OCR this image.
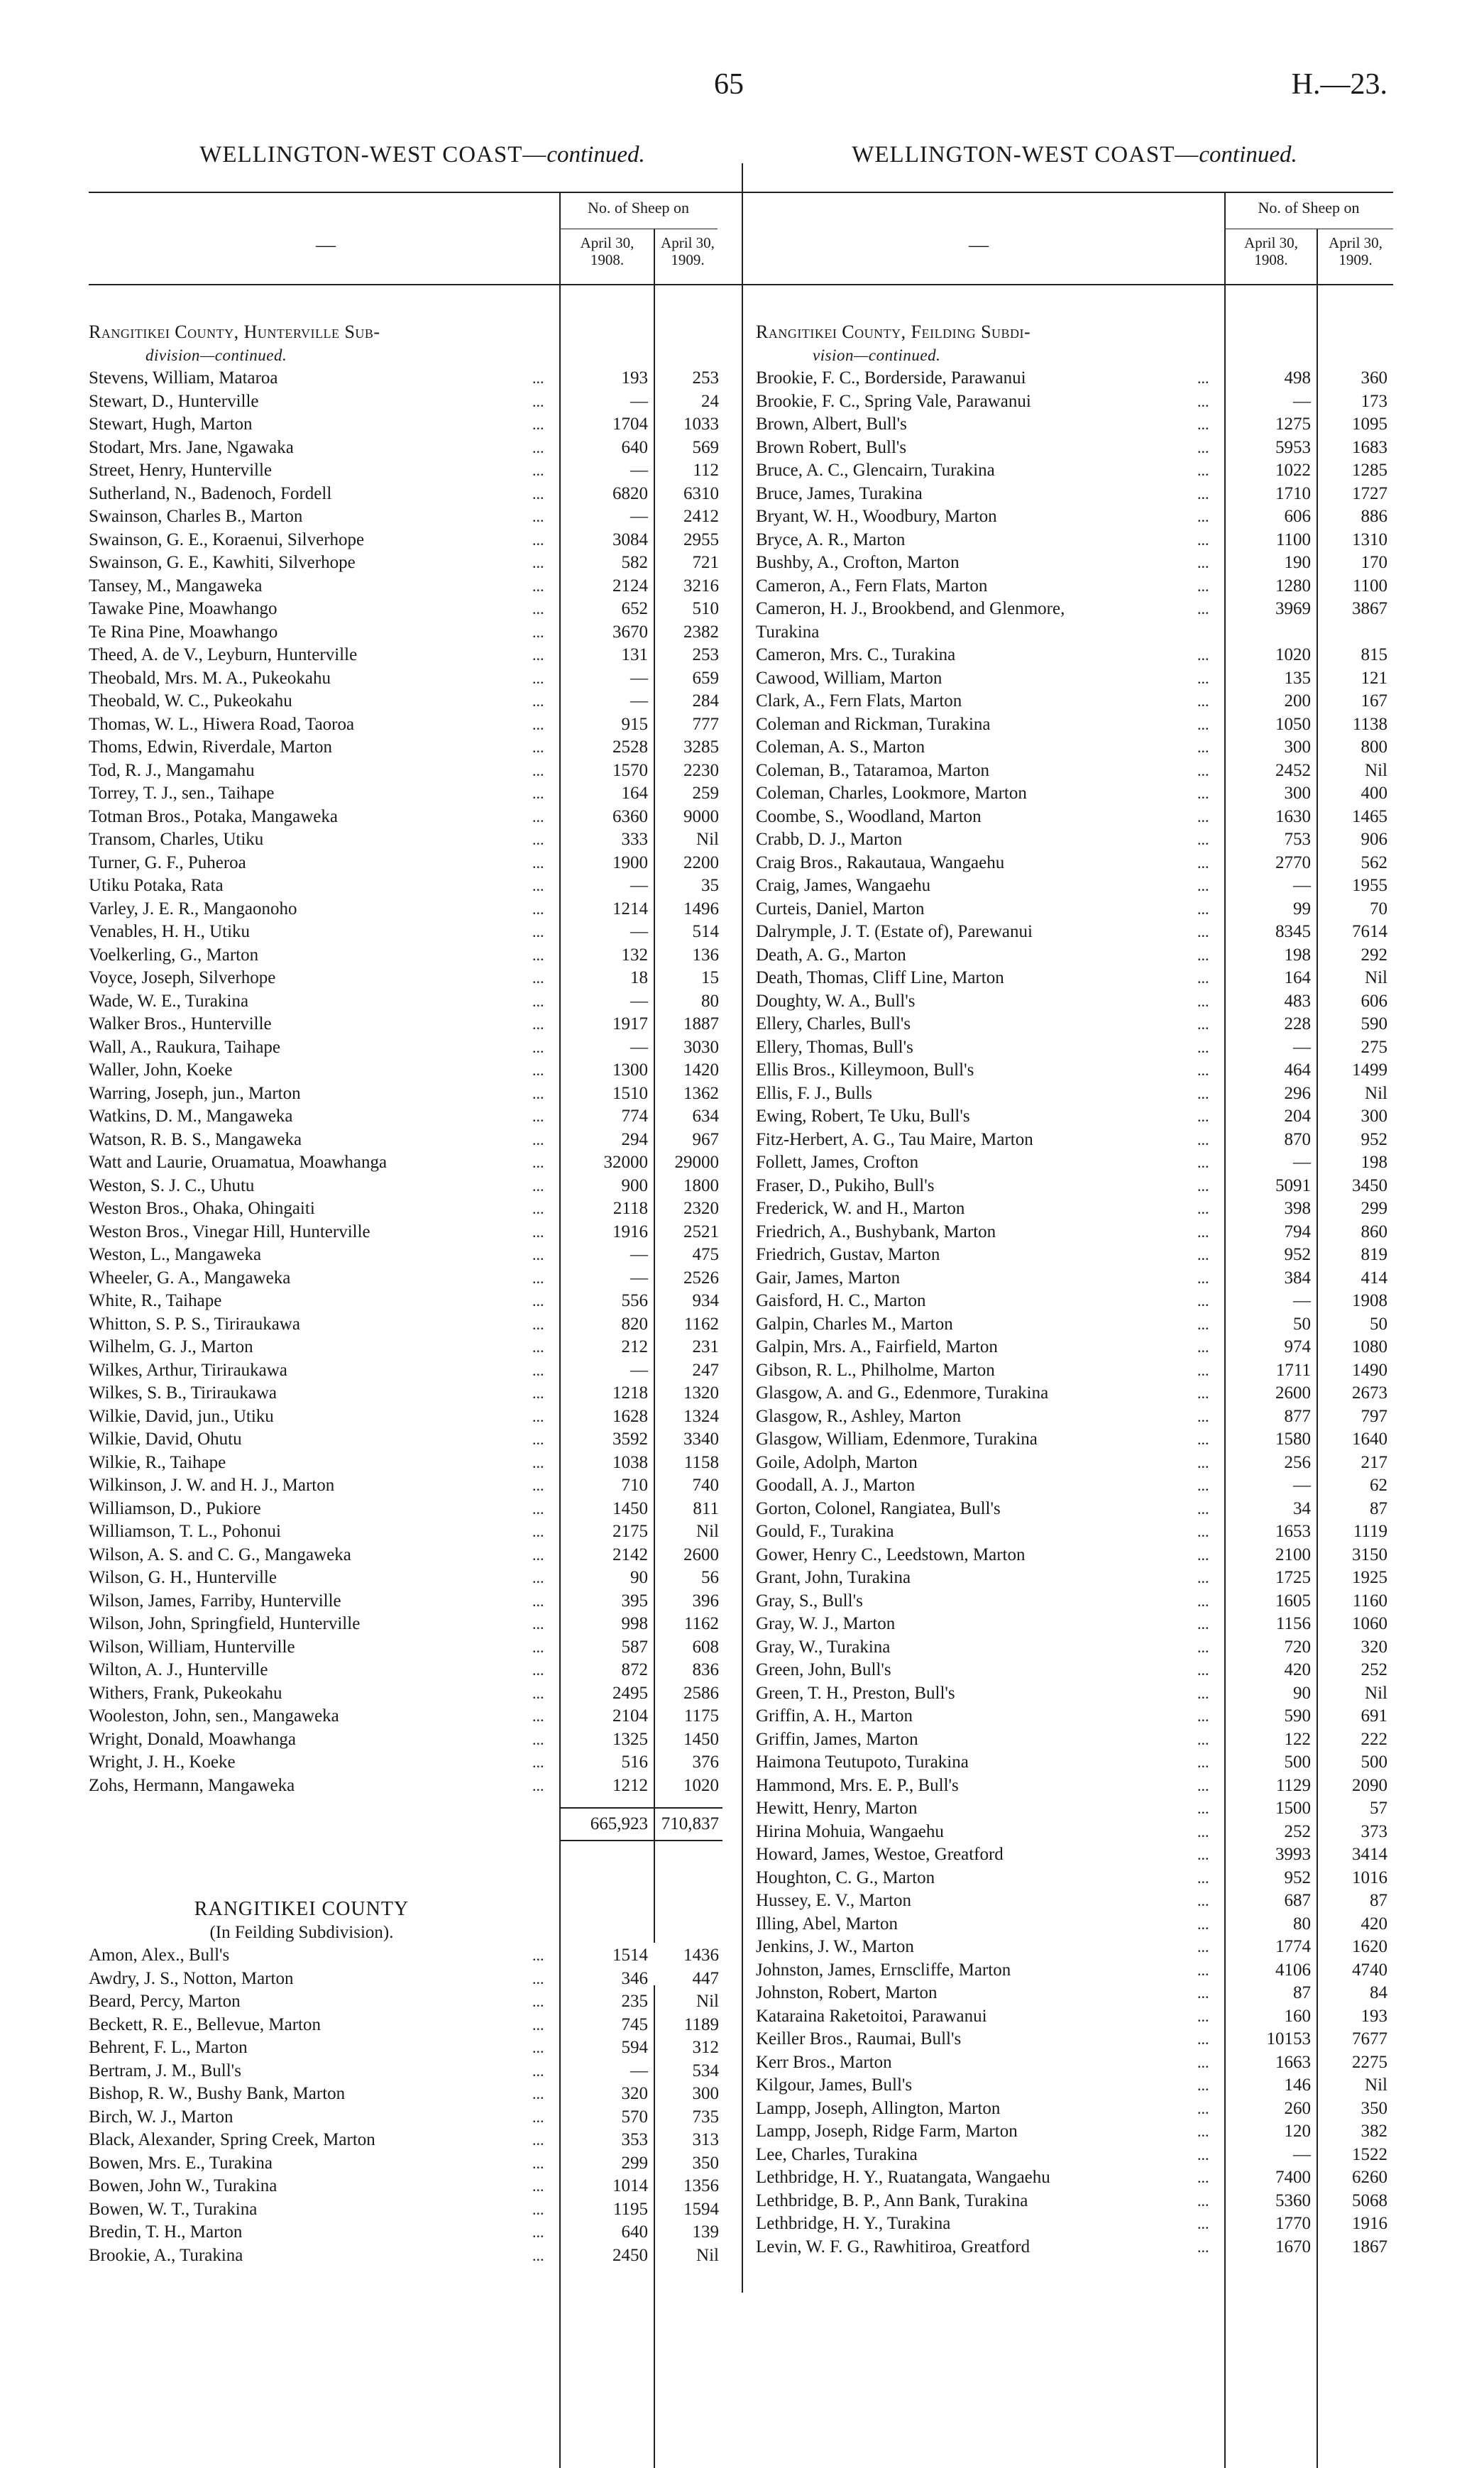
65	H.—23.
WELLINGTON-WEST COAST—continued.
—
No. of Sheep on
April 30,
1908.
April 30,
1909.
Rangitikei County, Hunterville Sub-
division—continued.
Stevens, William, Mataroa	...	193	253
Stewart, D., Hunterville	...	—	24
Stewart, Hugh, Marton	...	1704	1033
Stodart, Mrs. Jane, Ngawaka	...	640	569
Street, Henry, Hunterville	...	—	112
Sutherland, N., Badenoch, Fordell	...	6820	6310
Swainson, Charles B., Marton	...	—	2412
Swainson, G. E., Koraenui, Silverhope	...	3084	2955
Swainson, G. E., Kawhiti, Silverhope	...	582	721
Tansey, M., Mangaweka	...	2124	3216
Tawake Pine, Moawhango	...	652	510
Te Rina Pine, Moawhango	...	3670	2382
Theed, A. de V., Leyburn, Hunterville	...	131	253
Theobald, Mrs. M. A., Pukeokahu	...	—	659
Theobald, W. C., Pukeokahu	...	—	284
Thomas, W. L., Hiwera Road, Taoroa	...	915	777
Thoms, Edwin, Riverdale, Marton	...	2528	3285
Tod, R. J., Mangamahu	...	1570	2230
Torrey, T. J., sen., Taihape	...	164	259
Totman Bros., Potaka, Mangaweka	...	6360	9000
Transom, Charles, Utiku	...	333	Nil
Turner, G. F., Puheroa	...	1900	2200
Utiku Potaka, Rata	...	—	35
Varley, J. E. R., Mangaonoho	...	1214	1496
Venables, H. H., Utiku	...	—	514
Voelkerling, G., Marton	...	132	136
Voyce, Joseph, Silverhope	...	18	15
Wade, W. E., Turakina	...	—	80
Walker Bros., Hunterville	...	1917	1887
Wall, A., Raukura, Taihape	...	—	3030
Waller, John, Koeke	...	1300	1420
Warring, Joseph, jun., Marton	...	1510	1362
Watkins, D. M., Mangaweka	...	774	634
Watson, R. B. S., Mangaweka	...	294	967
Watt and Laurie, Oruamatua, Moawhanga	...	32000	29000
Weston, S. J. C., Uhutu	...	900	1800
Weston Bros., Ohaka, Ohingaiti	...	2118	2320
Weston Bros., Vinegar Hill, Hunterville	...	1916	2521
Weston, L., Mangaweka	...	—	475
Wheeler, G. A., Mangaweka	...	—	2526
White, R., Taihape	...	556	934
Whitton, S. P. S., Tiriraukawa	...	820	1162
Wilhelm, G. J., Marton	...	212	231
Wilkes, Arthur, Tiriraukawa	...	—	247
Wilkes, S. B., Tiriraukawa	...	1218	1320
Wilkie, David, jun., Utiku	...	1628	1324
Wilkie, David, Ohutu	...	3592	3340
Wilkie, R., Taihape	...	1038	1158
Wilkinson, J. W. and H. J., Marton	...	710	740
Williamson, D., Pukiore	...	1450	811
Williamson, T. L., Pohonui	...	2175	Nil
Wilson, A. S. and C. G., Mangaweka	...	2142	2600
Wilson, G. H., Hunterville	...	90	56
Wilson, James, Farriby, Hunterville	...	395	396
Wilson, John, Springfield, Hunterville	...	998	1162
Wilson, William, Hunterville	...	587	608
Wilton, A. J., Hunterville	...	872	836
Withers, Frank, Pukeokahu	...	2495	2586
Wooleston, John, sen., Mangaweka	...	2104	1175
Wright, Donald, Moawhanga	...	1325	1450
Wright, J. H., Koeke	...	516	376
Zohs, Hermann, Mangaweka	...	1212	1020
665,923 710,837
RANGITIKEI COUNTY
(In Feilding Subdivision).
Amon, Alex., Bull's	...	1514	1436
Awdry, J. S., Notton, Marton	...	346	447
Beard, Percy, Marton	...	235	Nil
Beckett, R. E., Bellevue, Marton	...	745	1189
Behrent, F. L., Marton	...	594	312
Bertram, J. M., Bull's	...	—	534
Bishop, R. W., Bushy Bank, Marton	...	320	300
Birch, W. J., Marton	...	570	735
Black, Alexander, Spring Creek, Marton	...	353	313
Bowen, Mrs. E., Turakina	...	299	350
Bowen, John W., Turakina	...	1014	1356
Bowen, W. T., Turakina	...	1195	1594
Bredin, T. H., Marton	...	640	139
Brookie, A., Turakina	...	2450	Nil
WELLINGTON-WEST COAST—continued.
—
No. of Sheep on
April 30,
1908.
April 30,
1909.
Rangitikei County, Feilding Subdi-
vision—continued.
Brookie, F. C., Borderside, Parawanui	...	498	360
Brookie, F. C., Spring Vale, Parawanui	...	—	173
Brown, Albert, Bull's	...	1275	1095
Brown Robert, Bull's	...	5953	1683
Bruce, A. C., Glencairn, Turakina	...	1022	1285
Bruce, James, Turakina	...	1710	1727
Bryant, W. H., Woodbury, Marton	...	606	886
Bryce, A. R., Marton	...	1100	1310
Bushby, A., Crofton, Marton	...	190	170
Cameron, A., Fern Flats, Marton	...	1280	1100
Cameron, H. J., Brookbend, and Glenmore,	...	3969	3867
Turakina
Cameron, Mrs. C., Turakina	...	1020	815
Cawood, William, Marton	...	135	121
Clark, A., Fern Flats, Marton	...	200	167
Coleman and Rickman, Turakina	...	1050	1138
Coleman, A. S., Marton	...	300	800
Coleman, B., Tataramoa, Marton	...	2452	Nil
Coleman, Charles, Lookmore, Marton	...	300	400
Coombe, S., Woodland, Marton	...	1630	1465
Crabb, D. J., Marton	...	753	906
Craig Bros., Rakautaua, Wangaehu	...	2770	562
Craig, James, Wangaehu	...	—	1955
Curteis, Daniel, Marton	...	99	70
Dalrymple, J. T. (Estate of), Parewanui	...	8345	7614
Death, A. G., Marton	...	198	292
Death, Thomas, Cliff Line, Marton	...	164	Nil
Doughty, W. A., Bull's	...	483	606
Ellery, Charles, Bull's	...	228	590
Ellery, Thomas, Bull's	...	—	275
Ellis Bros., Killeymoon, Bull's	...	464	1499
Ellis, F. J., Bulls	...	296	Nil
Ewing, Robert, Te Uku, Bull's	...	204	300
Fitz-Herbert, A. G., Tau Maire, Marton	...	870	952
Follett, James, Crofton	...	—	198
Fraser, D., Pukiho, Bull's	...	5091	3450
Frederick, W. and H., Marton	...	398	299
Friedrich, A., Bushybank, Marton	...	794	860
Friedrich, Gustav, Marton	...	952	819
Gair, James, Marton	...	384	414
Gaisford, H. C., Marton	...	—	1908
Galpin, Charles M., Marton	...	50	50
Galpin, Mrs. A., Fairfield, Marton	...	974	1080
Gibson, R. L., Philholme, Marton	...	1711	1490
Glasgow, A. and G., Edenmore, Turakina	...	2600	2673
Glasgow, R., Ashley, Marton	...	877	797
Glasgow, William, Edenmore, Turakina	...	1580	1640
Goile, Adolph, Marton	...	256	217
Goodall, A. J., Marton	...	—	62
Gorton, Colonel, Rangiatea, Bull's	...	34	87
Gould, F., Turakina	...	1653	1119
Gower, Henry C., Leedstown, Marton	...	2100	3150
Grant, John, Turakina	...	1725	1925
Gray, S., Bull's	...	1605	1160
Gray, W. J., Marton	...	1156	1060
Gray, W., Turakina	...	720	320
Green, John, Bull's	...	420	252
Green, T. H., Preston, Bull's	...	90	Nil
Griffin, A. H., Marton	...	590	691
Griffin, James, Marton	...	122	222
Haimona Teutupoto, Turakina	...	500	500
Hammond, Mrs. E. P., Bull's	...	1129	2090
Hewitt, Henry, Marton	...	1500	57
Hirina Mohuia, Wangaehu	...	252	373
Howard, James, Westoe, Greatford	...	3993	3414
Houghton, C. G., Marton	...	952	1016
Hussey, E. V., Marton	...	687	87
Illing, Abel, Marton	...	80	420
Jenkins, J. W., Marton	...	1774	1620
Johnston, James, Ernscliffe, Marton	...	4106	4740
Johnston, Robert, Marton	...	87	84
Kataraina Raketoitoi, Parawanui	...	160	193
Keiller Bros., Raumai, Bull's	...	10153	7677
Kerr Bros., Marton	...	1663	2275
Kilgour, James, Bull's	...	146	Nil
Lampp, Joseph, Allington, Marton	...	260	350
Lampp, Joseph, Ridge Farm, Marton	...	120	382
Lee, Charles, Turakina	...	—	1522
Lethbridge, H. Y., Ruatangata, Wangaehu	...	7400	6260
Lethbridge, B. P., Ann Bank, Turakina	...	5360	5068
Lethbridge, H. Y., Turakina	...	1770	1916
Levin, W. F. G., Rawhitiroa, Greatford	...	1670	1867
